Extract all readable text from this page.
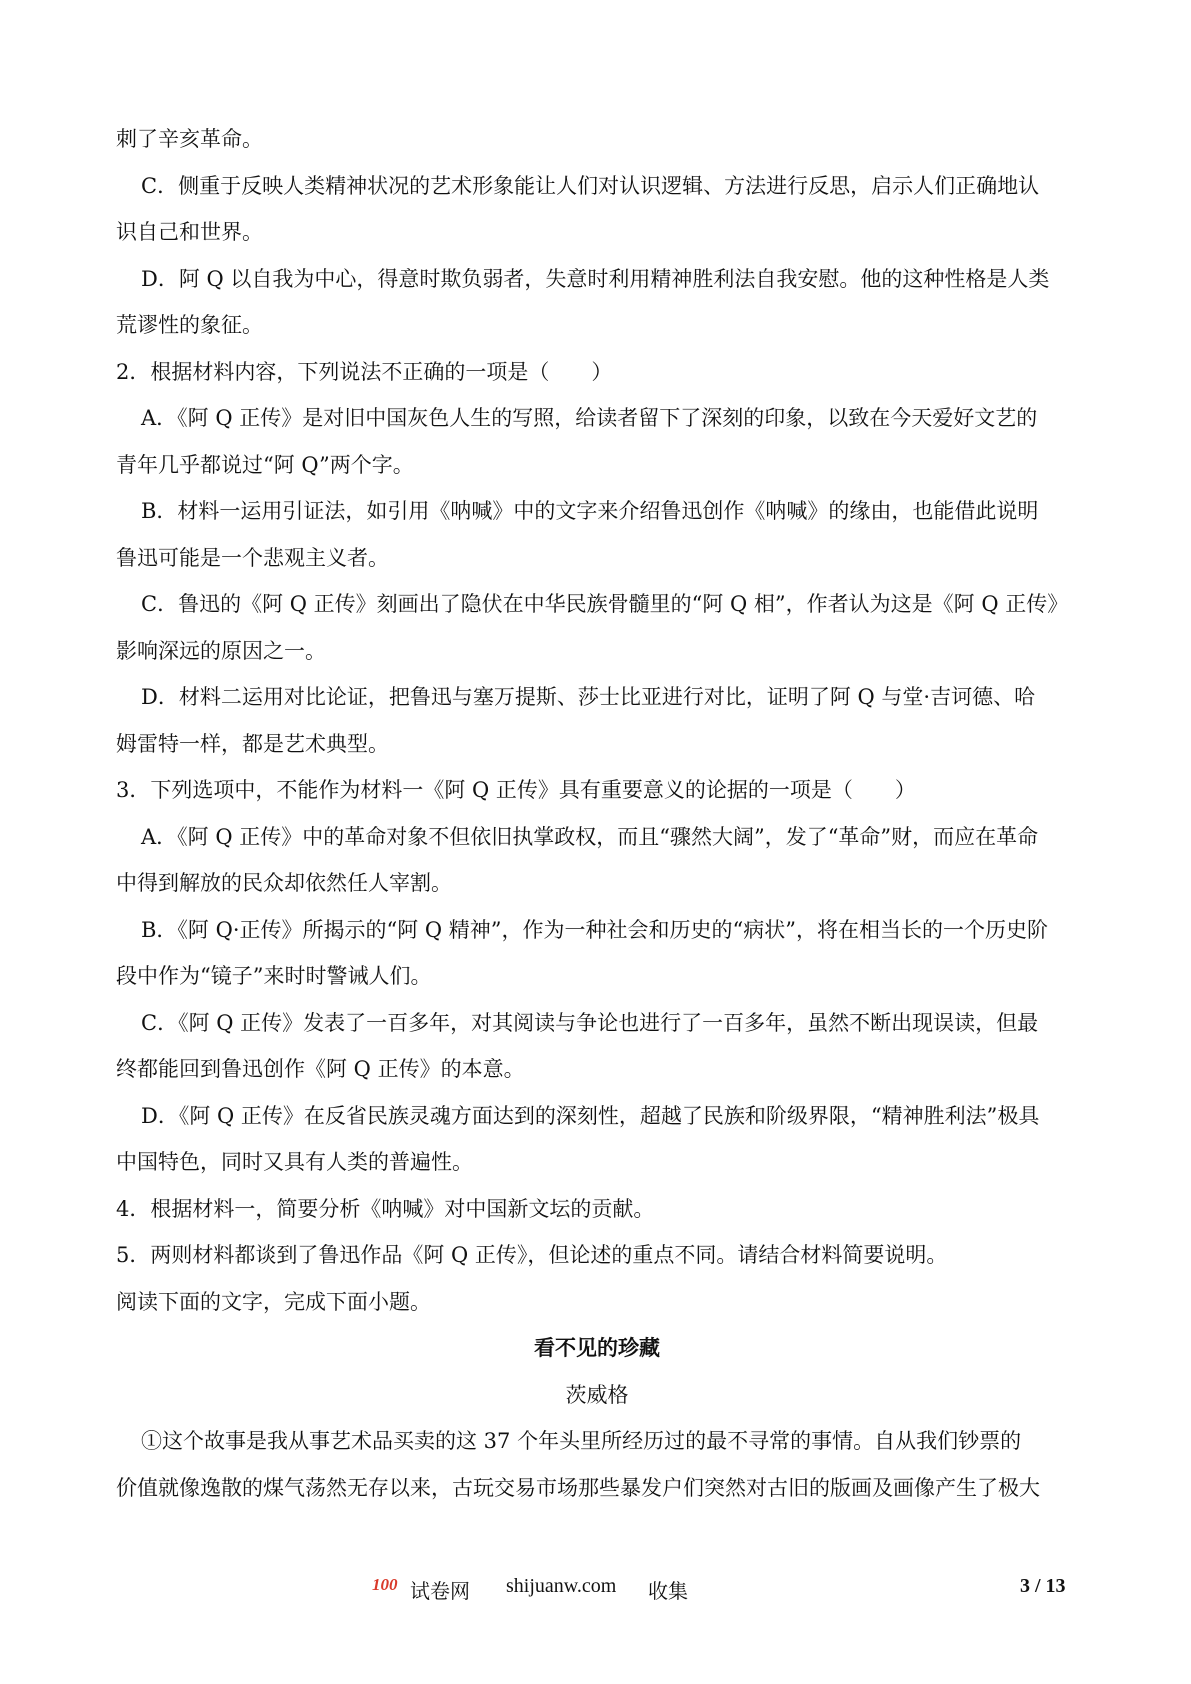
刺了辛亥革命。
C．侧重于反映人类精神状况的艺术形象能让人们对认识逻辑、方法进行反思，启示人们正确地认
识自己和世界。
D．阿 Q 以自我为中心，得意时欺负弱者，失意时利用精神胜利法自我安慰。他的这种性格是人类
荒谬性的象征。
2．根据材料内容，下列说法不正确的一项是（　　）
A．《阿 Q 正传》是对旧中国灰色人生的写照，给读者留下了深刻的印象，以致在今天爱好文艺的
青年几乎都说过“阿 Q”两个字。
B．材料一运用引证法，如引用《呐喊》中的文字来介绍鲁迅创作《呐喊》的缘由，也能借此说明
鲁迅可能是一个悲观主义者。
C．鲁迅的《阿 Q 正传》刻画出了隐伏在中华民族骨髓里的“阿 Q 相”，作者认为这是《阿 Q 正传》
影响深远的原因之一。
D．材料二运用对比论证，把鲁迅与塞万提斯、莎士比亚进行对比，证明了阿 Q 与堂·吉诃德、哈
姆雷特一样，都是艺术典型。
3．下列选项中，不能作为材料一《阿 Q 正传》具有重要意义的论据的一项是（　　）
A．《阿 Q 正传》中的革命对象不但依旧执掌政权，而且“骤然大阔”，发了“革命”财，而应在革命
中得到解放的民众却依然任人宰割。
B．《阿 Q·正传》所揭示的“阿 Q 精神”，作为一种社会和历史的“病状”，将在相当长的一个历史阶
段中作为“镜子”来时时警诫人们。
C．《阿 Q 正传》发表了一百多年，对其阅读与争论也进行了一百多年，虽然不断出现误读，但最
终都能回到鲁迅创作《阿 Q 正传》的本意。
D．《阿 Q 正传》在反省民族灵魂方面达到的深刻性，超越了民族和阶级界限，“精神胜利法”极具
中国特色，同时又具有人类的普遍性。
4．根据材料一，简要分析《呐喊》对中国新文坛的贡献。
5．两则材料都谈到了鲁迅作品《阿 Q 正传》，但论述的重点不同。请结合材料简要说明。
阅读下面的文字，完成下面小题。
看不见的珍藏
茨威格
①这个故事是我从事艺术品买卖的这 37 个年头里所经历过的最不寻常的事情。自从我们钞票的
价值就像逸散的煤气荡然无存以来，古玩交易市场那些暴发户们突然对古旧的版画及画像产生了极大
100 试卷网 shijuanw.com 收集	3 / 13
